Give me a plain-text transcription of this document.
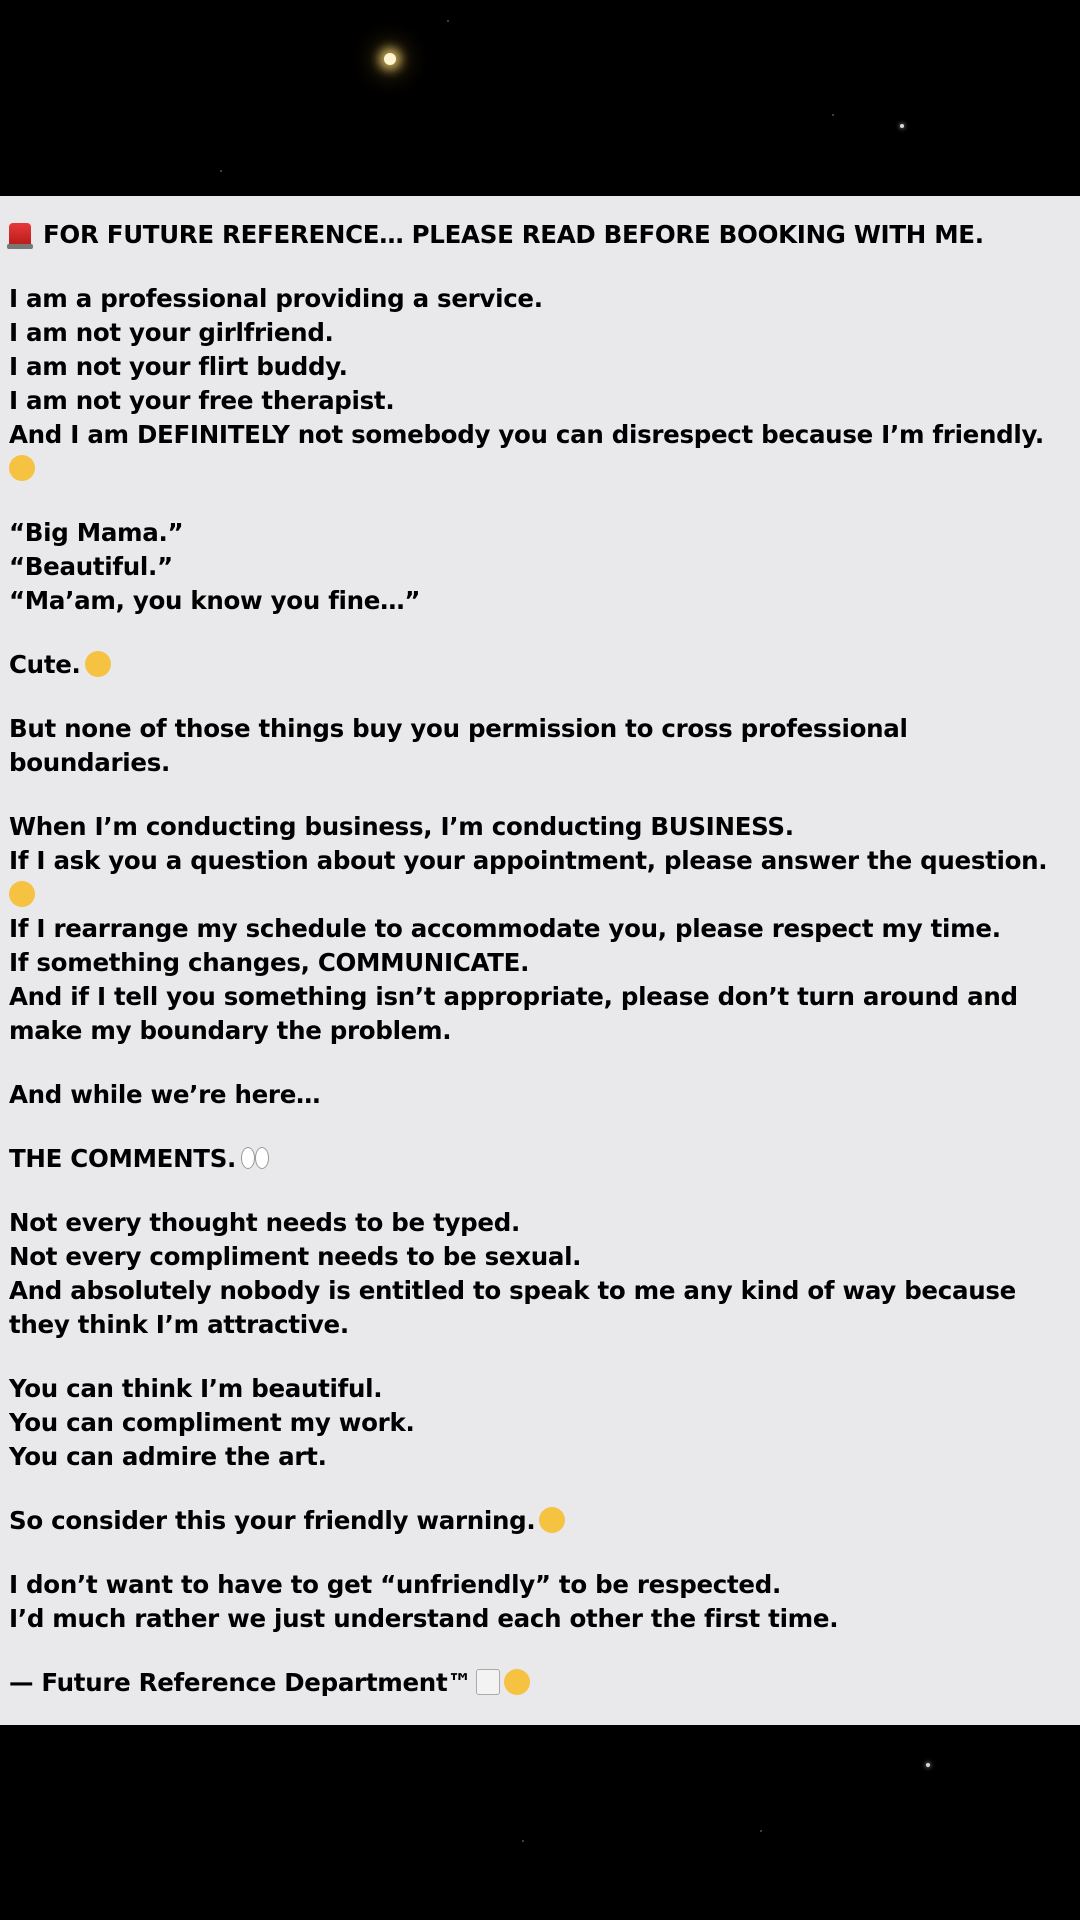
FOR FUTURE REFERENCE… PLEASE READ BEFORE BOOKING WITH ME.

I am a professional providing a service.
I am not your girlfriend.
I am not your flirt buddy.
I am not your free therapist.
And I am DEFINITELY not somebody you can disrespect because I’m friendly.

“Big Mama.”
“Beautiful.”
“Ma’am, you know you fine…”

Cute.

But none of those things buy you permission to cross professional boundaries.

When I’m conducting business, I’m conducting BUSINESS.
If I ask you a question about your appointment, please answer the question.
If I rearrange my schedule to accommodate you, please respect my time.
If something changes, COMMUNICATE.
And if I tell you something isn’t appropriate, please don’t turn around and make my boundary the problem.

And while we’re here…

THE COMMENTS.

Not every thought needs to be typed.
Not every compliment needs to be sexual.
And absolutely nobody is entitled to speak to me any kind of way because they think I’m attractive.

You can think I’m beautiful.
You can compliment my work.
You can admire the art.

So consider this your friendly warning.

I don’t want to have to get “unfriendly” to be respected.
I’d much rather we just understand each other the first time.

— Future Reference Department™
